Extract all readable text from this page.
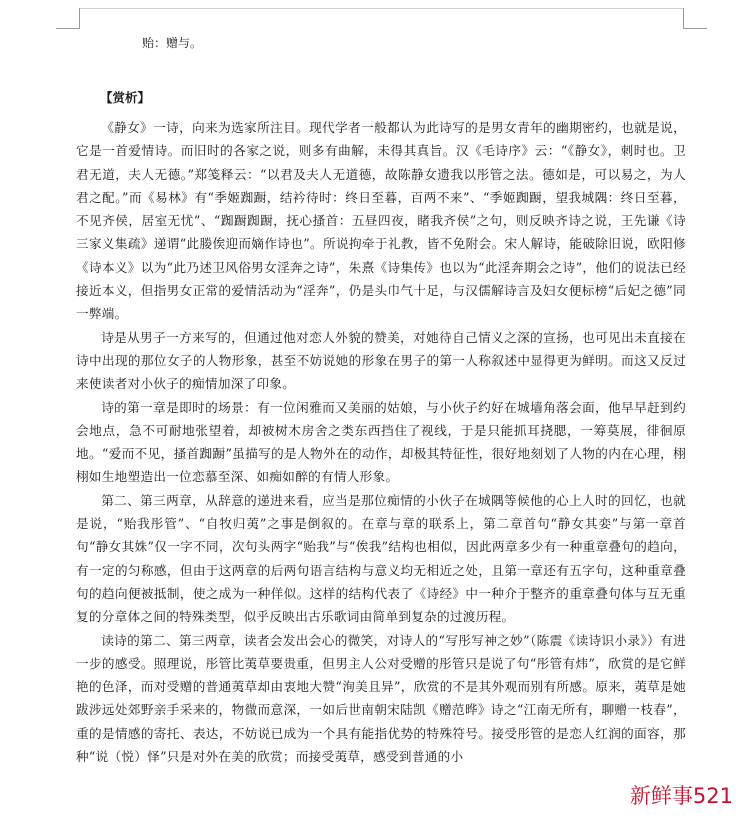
贻：赠与。
【赏析】

《静女》一诗，向来为选家所注目。现代学者一般都认为此诗写的是男女青年的幽期密约，也就是说，它是一首爱情诗。而旧时的各家之说，则多有曲解，未得其真旨。汉《毛诗序》云：“《静女》，刺时也。卫君无道，夫人无德。”郑笺释云：“以君及夫人无道德，故陈静女遗我以彤管之法。德如是，可以易之，为人君之配。”而《易林》有“季姬踟蹰，结衿待时：终日至暮，百两不来”、“季姬踟蹰，望我城隅：终日至暮，不见齐侯，居室无忧”、“踟蹰踟蹰，抚心搔首：五昼四夜，睹我齐侯”之句，则反映齐诗之说，王先谦《诗三家义集疏》递谓“此媵俟迎而嫡作诗也”。所说拘牵于礼教，皆不免附会。宋人解诗，能破除旧说，欧阳修《诗本义》以为“此乃述卫风俗男女淫奔之诗”，朱熹《诗集传》也以为“此淫奔期会之诗”，他们的说法已经接近本义，但指男女正常的爱情活动为“淫奔”，仍是头巾气十足，与汉儒解诗言及妇女便标榜“后妃之德”同一弊端。

诗是从男子一方来写的，但通过他对恋人外貌的赞美，对她待自己情义之深的宣扬，也可见出未直接在诗中出现的那位女子的人物形象，甚至不妨说她的形象在男子的第一人称叙述中显得更为鲜明。而这又反过来使读者对小伙子的痴情加深了印象。

诗的第一章是即时的场景：有一位闲雅而又美丽的姑娘，与小伙子约好在城墙角落会面，他早早赶到约会地点，急不可耐地张望着，却被树木房舍之类东西挡住了视线，于是只能抓耳挠腮，一筹莫展，徘徊原地。“爱而不见，搔首踟蹰”虽描写的是人物外在的动作，却极其特征性，很好地刻划了人物的内在心理，栩栩如生地塑造出一位恋慕至深、如痴如醉的有情人形象。

第二、第三两章，从辞意的递进来看，应当是那位痴情的小伙子在城隅等候他的心上人时的回忆，也就是说，“贻我彤管”、“自牧归荑”之事是倒叙的。在章与章的联系上，第二章首句“静女其娈”与第一章首句“静女其姝”仅一字不同，次句头两字“贻我”与“俟我”结构也相似，因此两章多少有一种重章叠句的趋向，有一定的匀称感，但由于这两章的后两句语言结构与意义均无相近之处，且第一章还有五字句，这种重章叠句的趋向便被抵制，使之成为一种佯似。这样的结构代表了《诗经》中一种介于整齐的重章叠句体与互无重复的分章体之间的特殊类型，似乎反映出古乐歌词由简单到复杂的过渡历程。

读诗的第二、第三两章，读者会发出会心的微笑，对诗人的“写彤写神之妙”（陈震《读诗识小录》）有进一步的感受。照理说，彤管比荑草要贵重，但男主人公对受赠的彤管只是说了句“彤管有炜”，欣赏的是它鲜艳的色泽，而对受赠的普通荑草却由衷地大赞“洵美且异”，欣赏的不是其外观而别有所感。原来，荑草是她跋涉远处郊野亲手采来的，物微而意深，一如后世南朝宋陆凯《赠范晔》诗之“江南无所有，聊赠一枝春”，重的是情感的寄托、表达，不妨说已成为一个具有能指优势的特殊符号。接受彤管的是恋人红润的面容，那种“说（悦）怿”只是对外在美的欣赏；而接受荑草，感受到普通的小

新鲜事521
